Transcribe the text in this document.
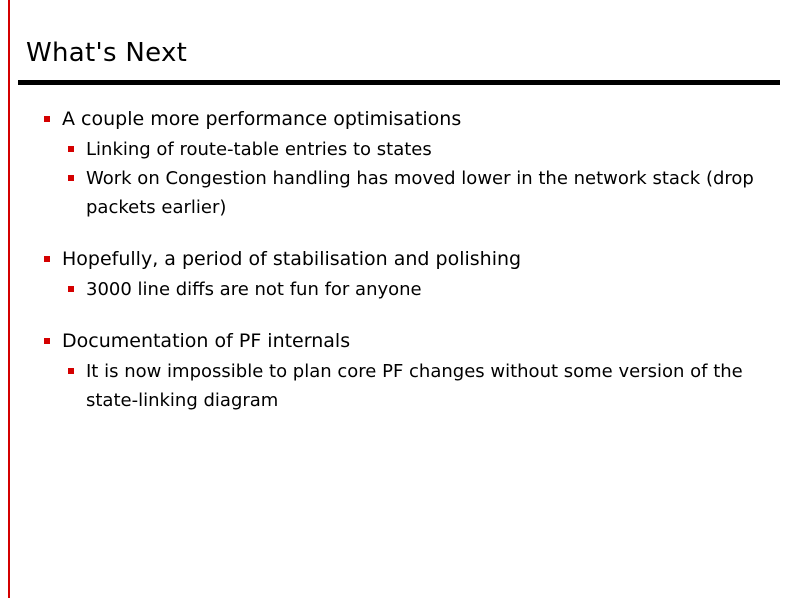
What's Next
A couple more performance optimisations
Linking of route-table entries to states
Work on Congestion handling has moved lower in the network stack (drop packets earlier)
Hopefully, a period of stabilisation and polishing
3000 line diffs are not fun for anyone
Documentation of PF internals
It is now impossible to plan core PF changes without some version of the state-linking diagram
